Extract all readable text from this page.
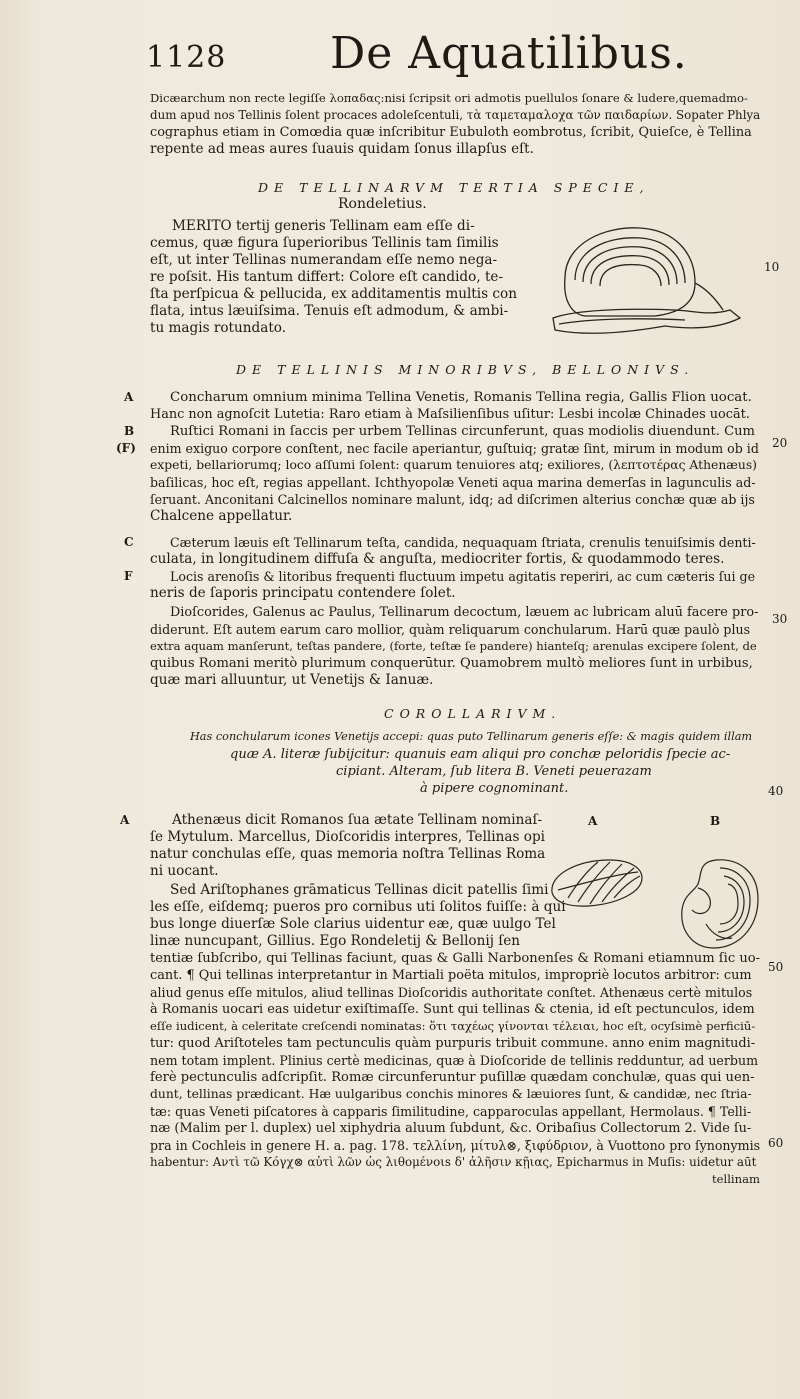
1128 De Aquatilibus.
Dicæarchum non recte legiſſe λοπαδας:nisi ſcripsit ori admotis puellulos ſonare & ludere,quemadmo-
dum apud nos Tellinis ſolent procaces adoleſcentuli, τὰ ταμεταμαλοχα τῶν παιδαρίων. Sopater Phlya
cographus etiam in Comœdia quæ inſcribitur Eubuloth eombrotus, ſcribit, Quieſce, è Tellina
repente ad meas aures ſuauis quidam ſonus illapſus eſt.
DE TELLINARVM TERTIA SPECIE,
Rondeletius.
MERITO tertij generis Tellinam eam eſſe di-
cemus, quæ figura ſuperioribus Tellinis tam ſimilis
eſt, ut inter Tellinas numerandam eſſe nemo nega-
re poſsit. His tantum differt: Colore eſt candido, te-
ſta perſpicua & pellucida, ex additamentis multis con
flata, intus læuiſsima. Tenuis eſt admodum, & ambi-
tu magis rotundato.
10
DE TELLINIS MINORIBVS, BELLONIVS.
A
B
(F)
C
F
20
30
Concharum omnium minima Tellina Venetis, Romanis Tellina regia, Gallis Flion uocat.
Hanc non agnoſcit Lutetia: Raro etiam à Maſsilienſibus uſitur: Lesbi incolæ Chinades uocāt.
Ruſtici Romani in ſaccis per urbem Tellinas circunferunt, quas modiolis diuendunt. Cum
enim exiguo corpore conſtent, nec facile aperiantur, guſtuiq; gratæ ſint, mirum in modum ob id
expeti, bellariorumq; loco aſſumi ſolent: quarum tenuiores atq; exiliores, (λεπτοτέρας Athenæus)
baſilicas, hoc eſt, regias appellant. Ichthyopolæ Veneti aqua marina demerſas in lagunculis ad-
ſeruant. Anconitani Calcinellos nominare malunt, idq; ad diſcrimen alterius conchæ quæ ab ijs
Chalcene appellatur.
Cæterum læuis eſt Tellinarum teſta, candida, nequaquam ſtriata, crenulis tenuiſsimis denti-
culata, in longitudinem diffuſa & anguſta, mediocriter fortis, & quodammodo teres.
Locis arenoſis & litoribus frequenti fluctuum impetu agitatis reperiri, ac cum cæteris ſui ge
neris de ſaporis principatu contendere ſolet.
Dioſcorides, Galenus ac Paulus, Tellinarum decoctum, læuem ac lubricam aluū facere pro-
diderunt. Eſt autem earum caro mollior, quàm reliquarum conchularum. Harū quæ paulò plus
extra aquam manſerunt, teſtas pandere, (forte, teſtæ ſe pandere) hianteſq; arenulas excipere ſolent, de
quibus Romani meritò plurimum conquerūtur. Quamobrem multò meliores ſunt in urbibus,
quæ mari alluuntur, ut Venetijs & Ianuæ.
COROLLARIVM.
Has conchularum icones Venetijs accepi: quas puto Tellinarum generis eſſe: & magis quidem illam
quæ A. literæ ſubijcitur: quanuis eam aliqui pro conchæ peloridis ſpecie ac-
cipiant. Alteram, ſub litera B. Veneti peuerazam
à pipere cognominant.	40
A	Athenæus dicit Romanos ſua ætate Tellinam nominaſ-
ſe Mytulum. Marcellus, Dioſcoridis interpres, Tellinas opi
natur conchulas eſſe, quas memoria noſtra Tellinas Roma
ni uocant.
Sed Ariſtophanes grāmaticus Tellinas dicit patellis ſimi
les eſſe, eiſdemq; pueros pro cornibus uti ſolitos fuiſſe: à qui
bus longe diuerſæ Sole clarius uidentur eæ, quæ uulgo Tel
linæ nuncupant, Gillius. Ego Rondeletij & Bellonij ſen
A	B
tentiæ ſubſcribo, qui Tellinas faciunt, quas & Galli Narbonenſes & Romani etiamnum ſic uo-
cant. ¶ Qui tellinas interpretantur in Martiali poëta mitulos, impropriè locutos arbitror: cum
aliud genus eſſe mitulos, aliud tellinas Dioſcoridis authoritate conſtet. Athenæus certè mitulos
à Romanis uocari eas uidetur exiſtimaſſe. Sunt qui tellinas & ctenia, id eſt pectunculos, idem
eſſe iudicent, à celeritate creſcendi nominatas: ὅτι ταχέως γίνονται τέλειαι, hoc eſt, ocyſsimè perficiū-
tur: quod Ariſtoteles tam pectunculis quàm purpuris tribuit commune. anno enim magnitudi-
nem totam implent. Plinius certè medicinas, quæ à Dioſcoride de tellinis redduntur, ad uerbum
ferè pectunculis adſcripſit. Romæ circunferuntur puſillæ quædam conchulæ, quas qui uen-
dunt, tellinas prædicant. Hæ uulgaribus conchis minores & læuiores ſunt, & candidæ, nec ſtria-
tæ: quas Veneti piſcatores à capparis ſimilitudine, capparoculas appellant, Hermolaus. ¶ Telli-
næ (Malim per l. duplex) uel xiphydria aluum ſubdunt, &c. Oribaſius Collectorum 2. Vide ſu-
pra in Cochleis in genere H. a. pag. 178. τελλίνη, μίτυλ⊗, ξιφύδριον, à Vuottono pro ſynonymis
habentur: Αντὶ τῶ Κόγχ⊗ αὐτὶ λῶν ὡς λιθομένοιs δ' ἀλῆσιν κῇιας, Epicharmus in Muſis: uidetur aūt
tellinam
50
60
